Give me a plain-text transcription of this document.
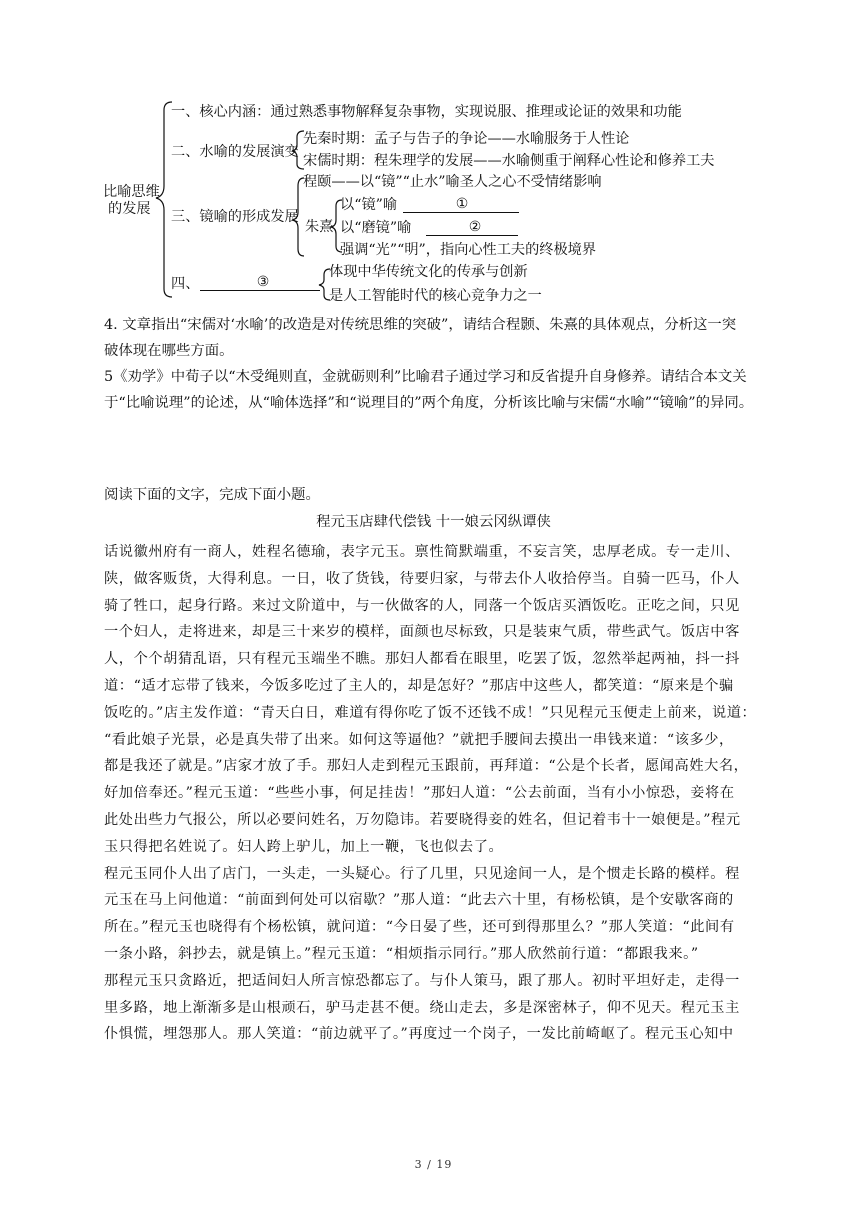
比喻思维
的发展
一、核心内涵：通过熟悉事物解释复杂事物，实现说服、推理或论证的效果和功能
二、水喻的发展演变
先秦时期：孟子与告子的争论——水喻服务于人性论
宋儒时期：程朱理学的发展——水喻侧重于阐释心性论和修养工夫
三、镜喻的形成发展
程颐——以“镜”“止水”喻圣人之心不受情绪影响
朱熹
以“镜”喻	①
以“磨镜”喻	②
强调“光”“明”，指向心性工夫的终极境界
四、	③
体现中华传统文化的传承与创新
是人工智能时代的核心竞争力之一
4. 文章指出“宋儒对‘水喻’的改造是对传统思维的突破”，请结合程颢、朱熹的具体观点，分析这一突
破体现在哪些方面。
5《劝学》中荀子以“木受绳则直，金就砺则利”比喻君子通过学习和反省提升自身修养。请结合本文关
于“比喻说理”的论述，从“喻体选择”和“说理目的”两个角度，分析该比喻与宋儒“水喻”“镜喻”的异同。
阅读下面的文字，完成下面小题。
程元玉店肆代偿钱 十一娘云冈纵谭侠
话说徽州府有一商人，姓程名德瑜，表字元玉。禀性简默端重，不妄言笑，忠厚老成。专一走川、
陕，做客贩货，大得利息。一日，收了货钱，待要归家，与带去仆人收拾停当。自骑一匹马，仆人
骑了牲口，起身行路。来过文阶道中，与一伙做客的人，同落一个饭店买酒饭吃。正吃之间，只见
一个妇人，走将进来，却是三十来岁的模样，面颜也尽标致，只是装束气质，带些武气。饭店中客
人，个个胡猜乱语，只有程元玉端坐不瞧。那妇人都看在眼里，吃罢了饭，忽然举起两袖，抖一抖
道：“适才忘带了钱来，今饭多吃过了主人的，却是怎好？”那店中这些人，都笑道：“原来是个骗
饭吃的。”店主发作道：“青天白日，难道有得你吃了饭不还钱不成！”只见程元玉便走上前来，说道：
“看此娘子光景，必是真失带了出来。如何这等逼他？”就把手腰间去摸出一串钱来道：“该多少，
都是我还了就是。”店家才放了手。那妇人走到程元玉跟前，再拜道：“公是个长者，愿闻高姓大名，
好加倍奉还。”程元玉道：“些些小事，何足挂齿！”那妇人道：“公去前面，当有小小惊恐，妾将在
此处出些力气报公，所以必要问姓名，万勿隐讳。若要晓得妾的姓名，但记着韦十一娘便是。”程元
玉只得把名姓说了。妇人跨上驴儿，加上一鞭，飞也似去了。
程元玉同仆人出了店门，一头走，一头疑心。行了几里，只见途间一人，是个惯走长路的模样。程
元玉在马上问他道：“前面到何处可以宿歇？”那人道：“此去六十里，有杨松镇，是个安歇客商的
所在。”程元玉也晓得有个杨松镇，就问道：“今日晏了些，还可到得那里么？”那人笑道：“此间有
一条小路，斜抄去，就是镇上。”程元玉道：“相烦指示同行。”那人欣然前行道：“都跟我来。”
那程元玉只贪路近，把适间妇人所言惊恐都忘了。与仆人策马，跟了那人。初时平坦好走，走得一
里多路，地上渐渐多是山根顽石，驴马走甚不便。绕山走去，多是深密林子，仰不见天。程元玉主
仆惧慌，埋怨那人。那人笑道：“前边就平了。”再度过一个岗子，一发比前崎岖了。程元玉心知中
3 / 19
